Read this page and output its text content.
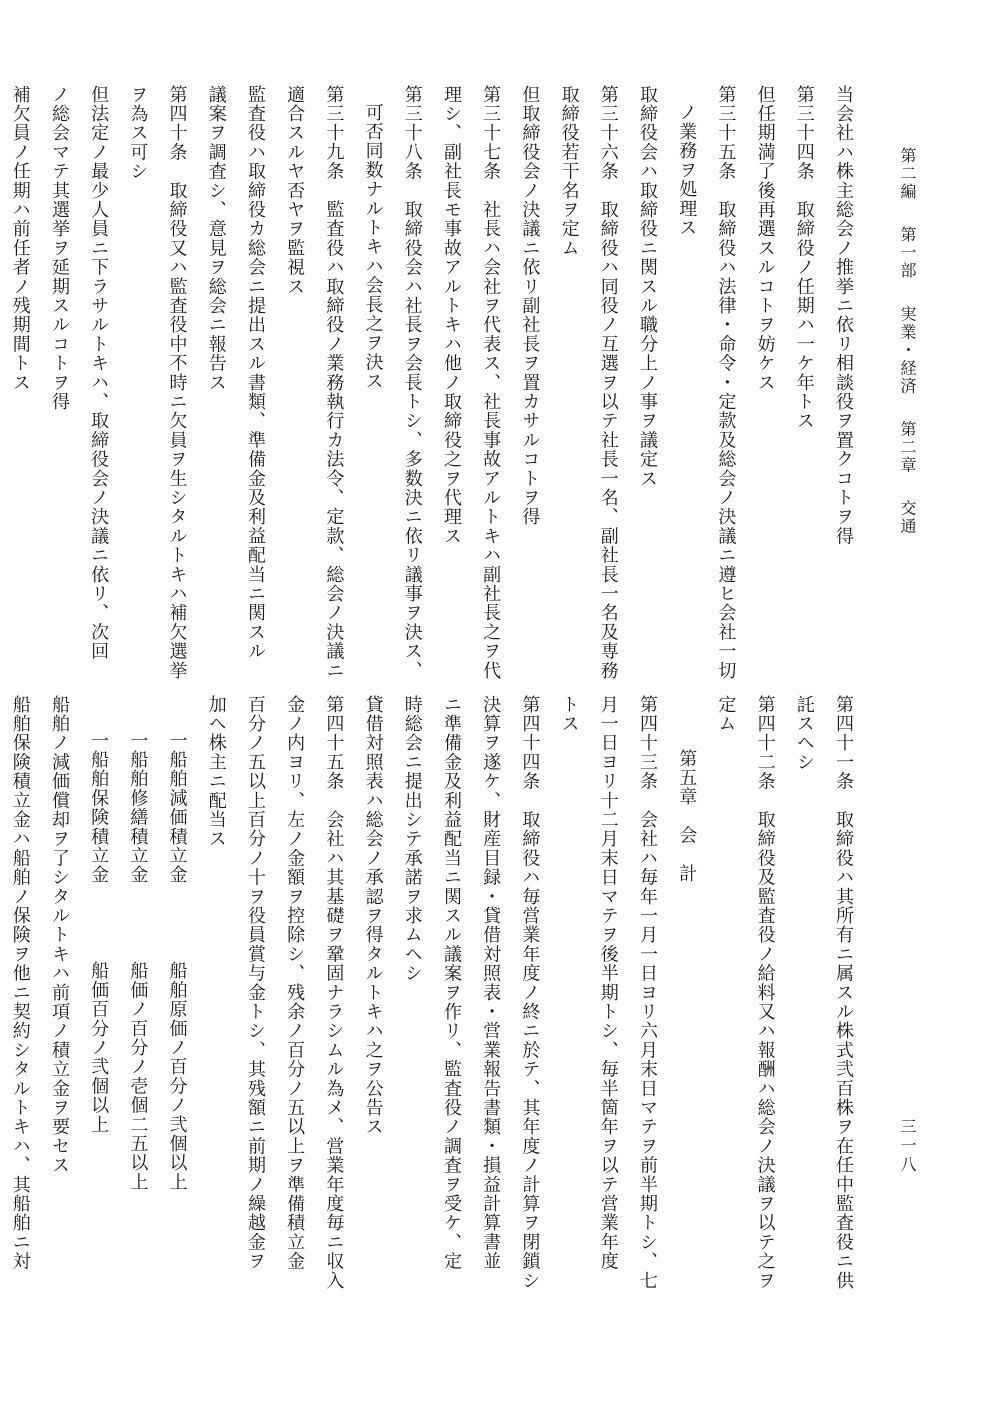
第二編 第一部 実業・経済 第二章 交通
三一八
当会社ハ株主総会ノ推挙ニ依リ相談役ヲ置クコトヲ得
第三十四条　取締役ノ任期ハ一ケ年トス
但任期満了後再選スルコトヲ妨ケス
第三十五条　取締役ハ法律・命令・定款及総会ノ決議ニ遵ヒ会社一切
ノ業務ヲ処理ス
取締役会ハ取締役ニ関スル職分上ノ事ヲ議定ス
第三十六条　取締役ハ同役ノ互選ヲ以テ社長一名、副社長一名及専務
取締役若干名ヲ定ム
但取締役会ノ決議ニ依リ副社長ヲ置カサルコトヲ得
第三十七条　社長ハ会社ヲ代表ス、社長事故アルトキハ副社長之ヲ代
理シ、副社長モ事故アルトキハ他ノ取締役之ヲ代理ス
第三十八条　取締役会ハ社長ヲ会長トシ、多数決ニ依リ議事ヲ決ス、
可否同数ナルトキハ会長之ヲ決ス
第三十九条　監査役ハ取締役ノ業務執行カ法令、定款、総会ノ決議ニ
適合スルヤ否ヤヲ監視ス
監査役ハ取締役カ総会ニ提出スル書類、準備金及利益配当ニ関スル
議案ヲ調査シ、意見ヲ総会ニ報告ス
第四十条　取締役又ハ監査役中不時ニ欠員ヲ生シタルトキハ補欠選挙
ヲ為ス可シ
但法定ノ最少人員ニ下ラサルトキハ、取締役会ノ決議ニ依リ、次回
ノ総会マテ其選挙ヲ延期スルコトヲ得
補欠員ノ任期ハ前任者ノ残期間トス
第四十一条　取締役ハ其所有ニ属スル株式弐百株ヲ在任中監査役ニ供
託スヘシ
第四十二条　取締役及監査役ノ給料又ハ報酬ハ総会ノ決議ヲ以テ之ヲ
定ム
第五章　会　計
第四十三条　会社ハ毎年一月一日ヨリ六月末日マテヲ前半期トシ、七
月一日ヨリ十二月末日マテヲ後半期トシ、毎半箇年ヲ以テ営業年度
トス
第四十四条　取締役ハ毎営業年度ノ終ニ於テ、其年度ノ計算ヲ閉鎖シ
決算ヲ遂ケ、財産目録・貸借対照表・営業報告書類・損益計算書並
ニ準備金及利益配当ニ関スル議案ヲ作リ、監査役ノ調査ヲ受ケ、定
時総会ニ提出シテ承諾ヲ求ムヘシ
貸借対照表ハ総会ノ承認ヲ得タルトキハ之ヲ公告ス
第四十五条　会社ハ其基礎ヲ鞏固ナラシムル為メ、営業年度毎ニ収入
金ノ内ヨリ、左ノ金額ヲ控除シ、残余ノ百分ノ五以上ヲ準備積立金
百分ノ五以上百分ノ十ヲ役員賞与金トシ、其残額ニ前期ノ繰越金ヲ
加ヘ株主ニ配当ス
一船舶減価積立金　　　　船舶原価ノ百分ノ弐個以上
一船舶修繕積立金　　　　船価ノ百分ノ壱個二五以上
一船舶保険積立金　　　　船価百分ノ弐個以上
船舶ノ減価償却ヲ了シタルトキハ前項ノ積立金ヲ要セス
船舶保険積立金ハ船舶ノ保険ヲ他ニ契約シタルトキハ、其船舶ニ対
